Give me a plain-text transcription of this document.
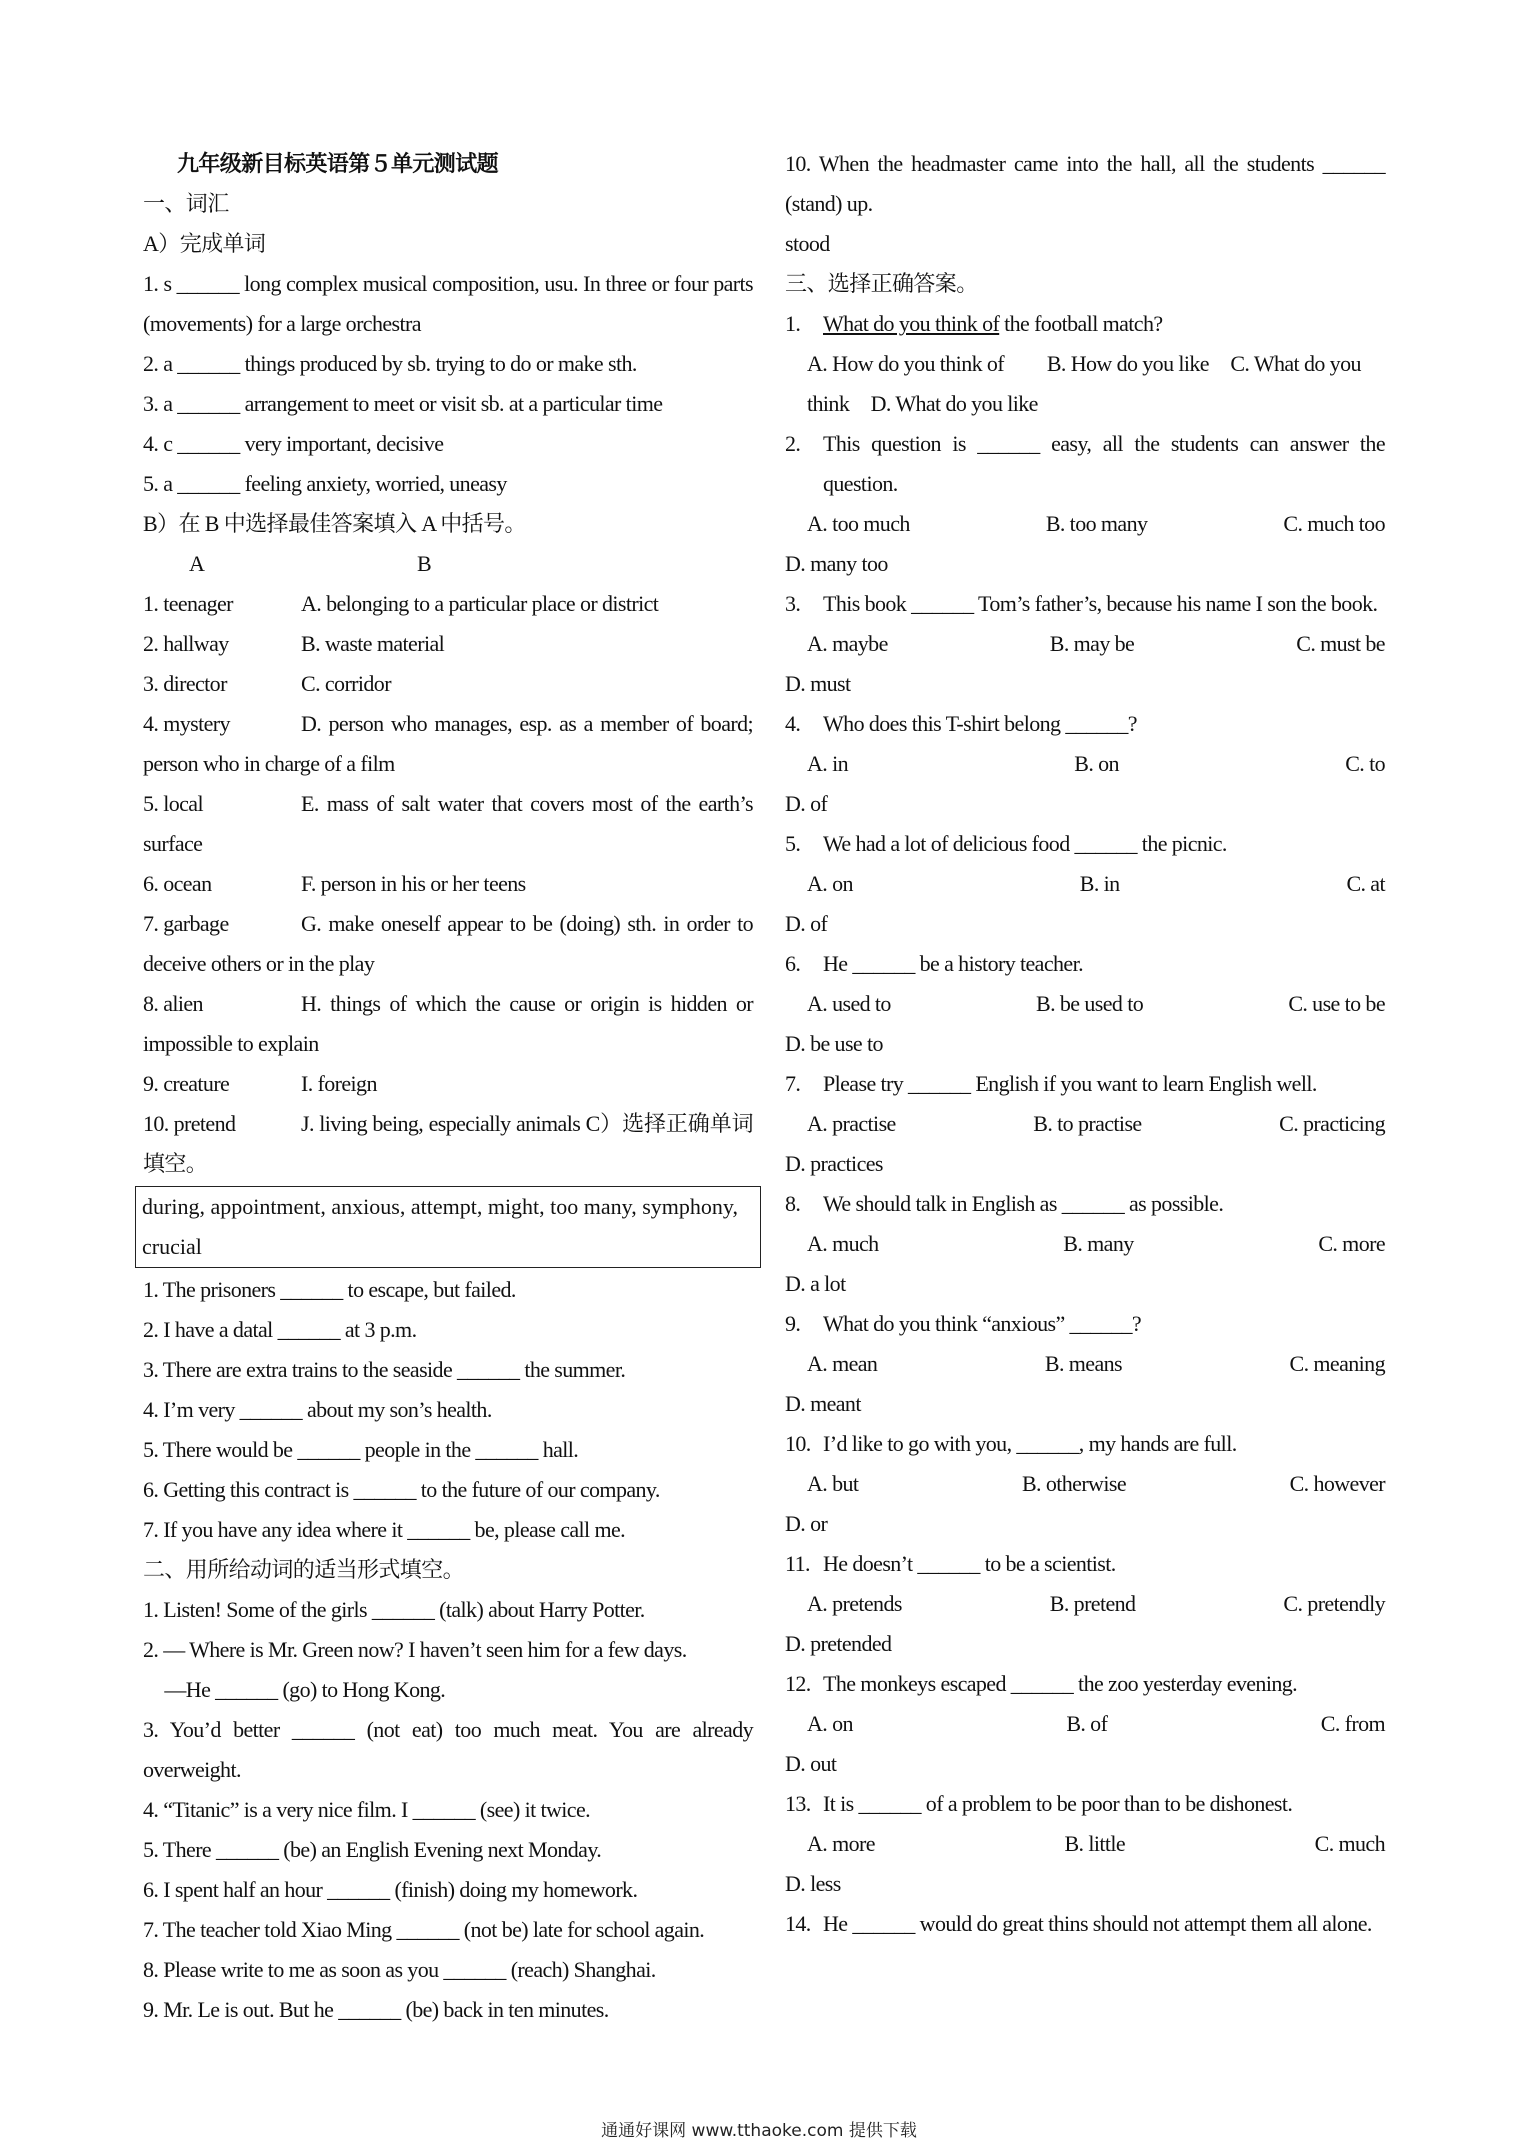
九年级新目标英语第５单元测试题
一、词汇
A）完成单词
1. s ______ long complex musical composition, usu. In three or four parts (movements) for a large orchestra
2. a ______ things produced by sb. trying to do or make sth.
3. a ______ arrangement to meet or visit sb. at a particular time
4. c ______ very important, decisive
5. a ______ feeling anxiety, worried, uneasy
B）在 B 中选择最佳答案填入 A 中括号。
A	B
1. teenager	A. belonging to a particular place or district
2. hallway	B. waste material
3. director	C. corridor
4. mystery	D. person who manages, esp. as a member of board; person who in charge of a film
5. local	E. mass of salt water that covers most of the earth’s surface
6. ocean	F. person in his or her teens
7. garbage	G. make oneself appear to be (doing) sth. in order to deceive others or in the play
8. alien	H. things of which the cause or origin is hidden or impossible to explain
9. creature	I. foreign
10. pretend	J. living being, especially animals C）选择正确单词填空。
during, appointment, anxious, attempt, might, too many, symphony, crucial
1. The prisoners ______ to escape, but failed.
2. I have a datal ______ at 3 p.m.
3. There are extra trains to the seaside ______ the summer.
4. I’m very ______ about my son’s health.
5. There would be ______ people in the ______ hall.
6. Getting this contract is ______ to the future of our company.
7. If you have any idea where it ______ be, please call me.
二、用所给动词的适当形式填空。
1. Listen! Some of the girls ______ (talk) about Harry Potter.
2. — Where is Mr. Green now? I haven’t seen him for a few days.
　—He ______ (go) to Hong Kong.
3. You’d better ______ (not eat) too much meat. You are already overweight.
4. “Titanic” is a very nice film. I ______ (see) it twice.
5. There ______ (be) an English Evening next Monday.
6. I spent half an hour ______ (finish) doing my homework.
7. The teacher told Xiao Ming ______ (not be) late for school again.
8. Please write to me as soon as you ______ (reach) Shanghai.
9. Mr. Le is out. But he ______ (be) back in ten minutes.
10. When the headmaster came into the hall, all the students ______ (stand) up.
stood
三、选择正确答案。
1.	What do you think of the football match?
A. How do you think of　　B. How do you like　C. What do you think　D. What do you like
2.	This question is ______ easy, all the students can answer the question.
A. too much	B. too many	C. much too
D. many too
3.	This book ______ Tom’s father’s, because his name I son the book.
A. maybe	B. may be	C. must be
D. must
4.	Who does this T-shirt belong ______?
A. in	B. on	C. to
D. of
5.	We had a lot of delicious food ______ the picnic.
A. on	B. in	C. at
D. of
6.	He ______ be a history teacher.
A. used to	B. be used to	C. use to be
D. be use to
7.	Please try ______ English if you want to learn English well.
A. practise	B. to practise	C. practicing
D. practices
8.	We should talk in English as ______ as possible.
A. much	B. many	C. more
D. a lot
9.	What do you think “anxious” ______?
A. mean	B. means	C. meaning
D. meant
10. I’d like to go with you, ______, my hands are full.
A. but	B. otherwise	C. however
D. or
11. He doesn’t ______ to be a scientist.
A. pretends	B. pretend	C. pretendly
D. pretended
12. The monkeys escaped ______ the zoo yesterday evening.
A. on	B. of	C. from
D. out
13. It is ______ of a problem to be poor than to be dishonest.
A. more	B. little	C. much
D. less
14. He ______ would do great thins should not attempt them all alone.
通通好课网 www.tthaoke.com 提供下载
